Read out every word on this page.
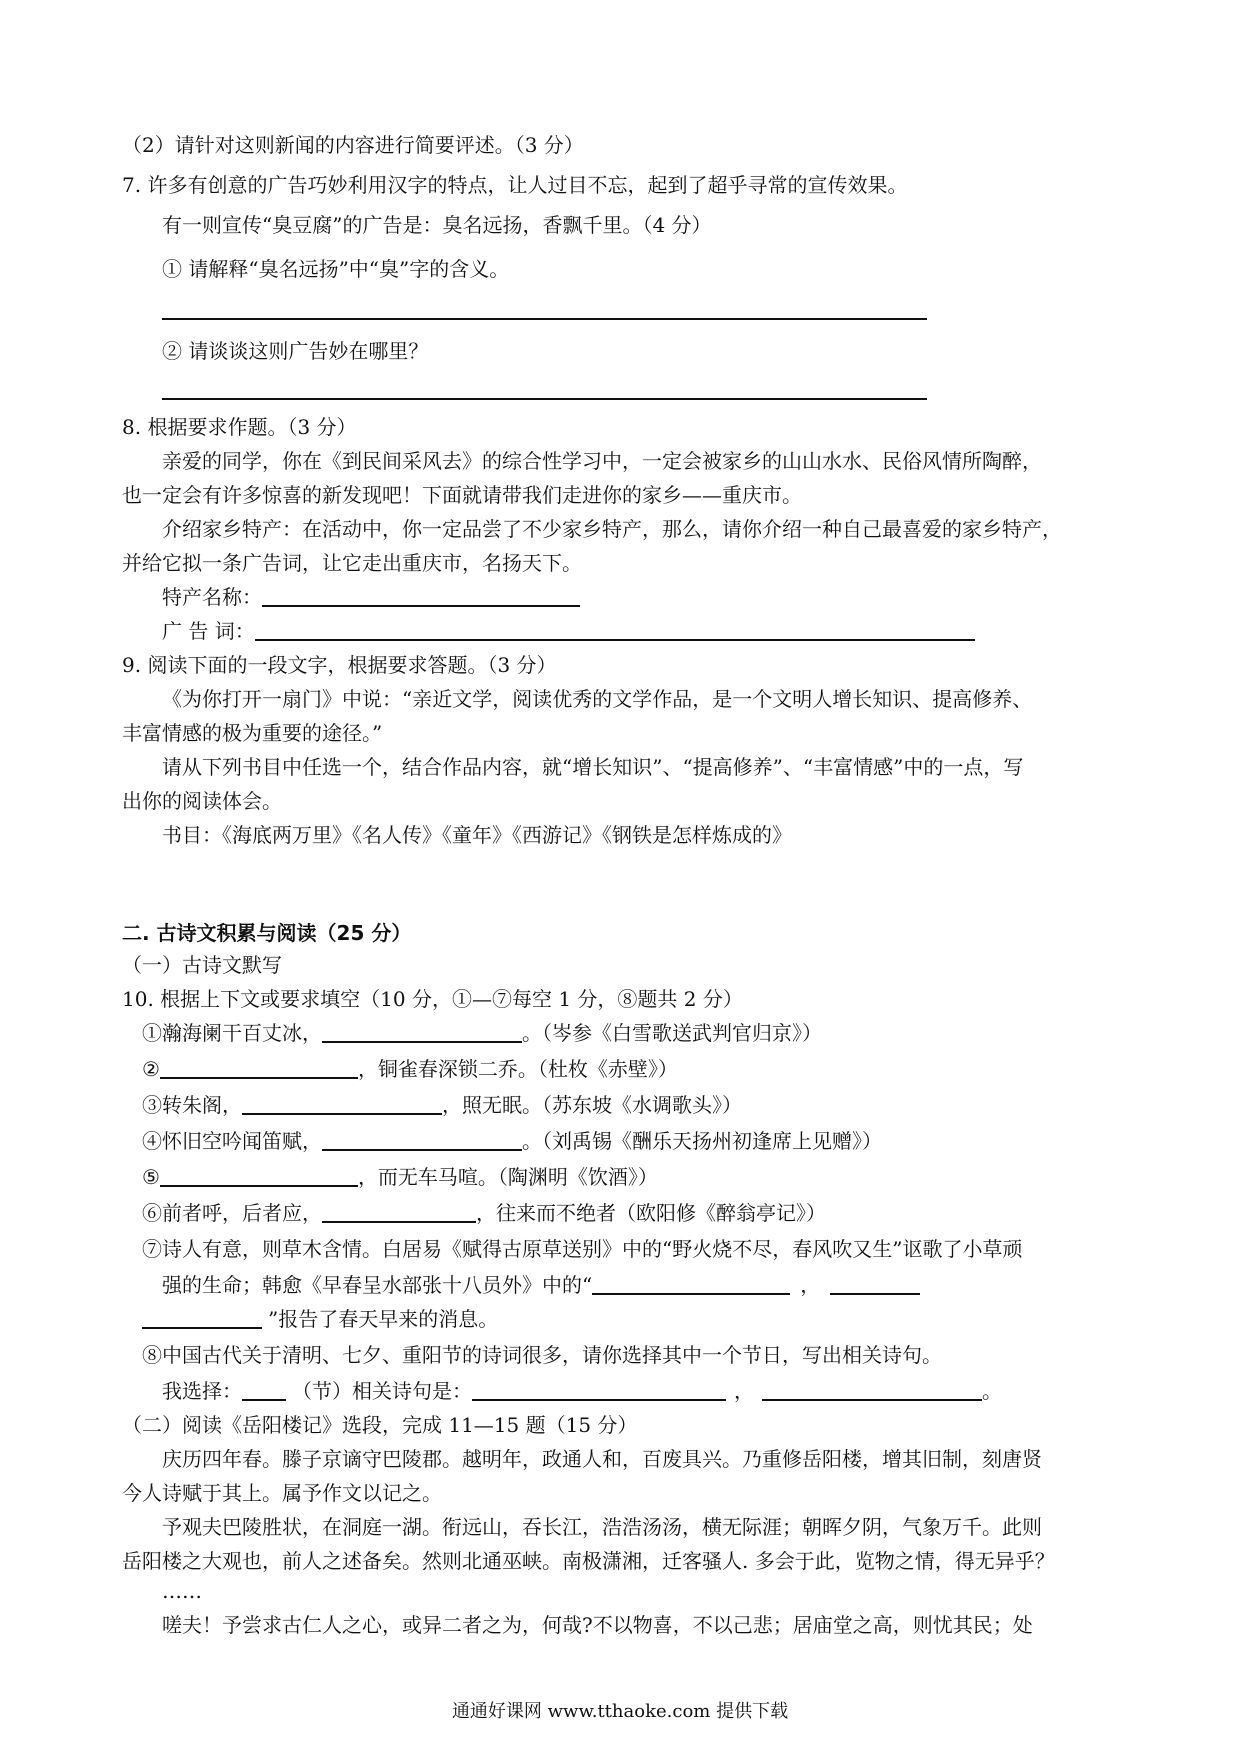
（2）请针对这则新闻的内容进行简要评述。（3 分）
7. 许多有创意的广告巧妙利用汉字的特点，让人过目不忘，起到了超乎寻常的宣传效果。
有一则宣传“臭豆腐”的广告是：臭名远扬，香飘千里。（4 分）
① 请解释“臭名远扬”中“臭”字的含义。
② 请谈谈这则广告妙在哪里？
8. 根据要求作题。（3 分）
亲爱的同学，你在《到民间采风去》的综合性学习中，一定会被家乡的山山水水、民俗风情所陶醉，
也一定会有许多惊喜的新发现吧！下面就请带我们走进你的家乡——重庆市。
介绍家乡特产：在活动中，你一定品尝了不少家乡特产，那么，请你介绍一种自己最喜爱的家乡特产，
并给它拟一条广告词，让它走出重庆市，名扬天下。
特产名称：
广 告 词：
9. 阅读下面的一段文字，根据要求答题。（3 分）
《为你打开一扇门》中说：“亲近文学，阅读优秀的文学作品，是一个文明人增长知识、提高修养、
丰富情感的极为重要的途径。”
请从下列书目中任选一个，结合作品内容，就“增长知识”、“提高修养”、“丰富情感”中的一点，写
出你的阅读体会。
书目：《海底两万里》《名人传》《童年》《西游记》《钢铁是怎样炼成的》
二. 古诗文积累与阅读（25 分）
（一）古诗文默写
10. 根据上下文或要求填空（10 分，①—⑦每空 1 分，⑧题共 2 分）
①瀚海阑干百丈冰，	。（岑参《白雪歌送武判官归京》）
②	，铜雀春深锁二乔。（杜枚《赤壁》）
③转朱阁，	，照无眠。（苏东坡《水调歌头》）
④怀旧空吟闻笛赋，	。（刘禹锡《酬乐天扬州初逢席上见赠》）
⑤	，而无车马喧。（陶渊明《饮酒》）
⑥前者呼，后者应，	，往来而不绝者（欧阳修《醉翁亭记》）
⑦诗人有意，则草木含情。白居易《赋得古原草送别》中的“野火烧不尽，春风吹又生”讴歌了小草顽
强的生命；韩愈《早春呈水部张十八员外》中的“	，
”报告了春天早来的消息。
⑧中国古代关于清明、七夕、重阳节的诗词很多，请你选择其中一个节日，写出相关诗句。
我选择：	（节）相关诗句是：	，	。
（二）阅读《岳阳楼记》选段，完成 11—15 题（15 分）
庆历四年春。滕子京谪守巴陵郡。越明年，政通人和，百废具兴。乃重修岳阳楼，增其旧制，刻唐贤
今人诗赋于其上。属予作文以记之。
予观夫巴陵胜状，在洞庭一湖。衔远山，吞长江，浩浩汤汤，横无际涯；朝晖夕阴，气象万千。此则
岳阳楼之大观也，前人之述备矣。然则北通巫峡。南极潇湘，迁客骚人. 多会于此，览物之情，得无异乎？
……
嗟夫！予尝求古仁人之心，或异二者之为，何哉?不以物喜，不以己悲；居庙堂之高，则忧其民；处
通通好课网 www.tthaoke.com 提供下载
